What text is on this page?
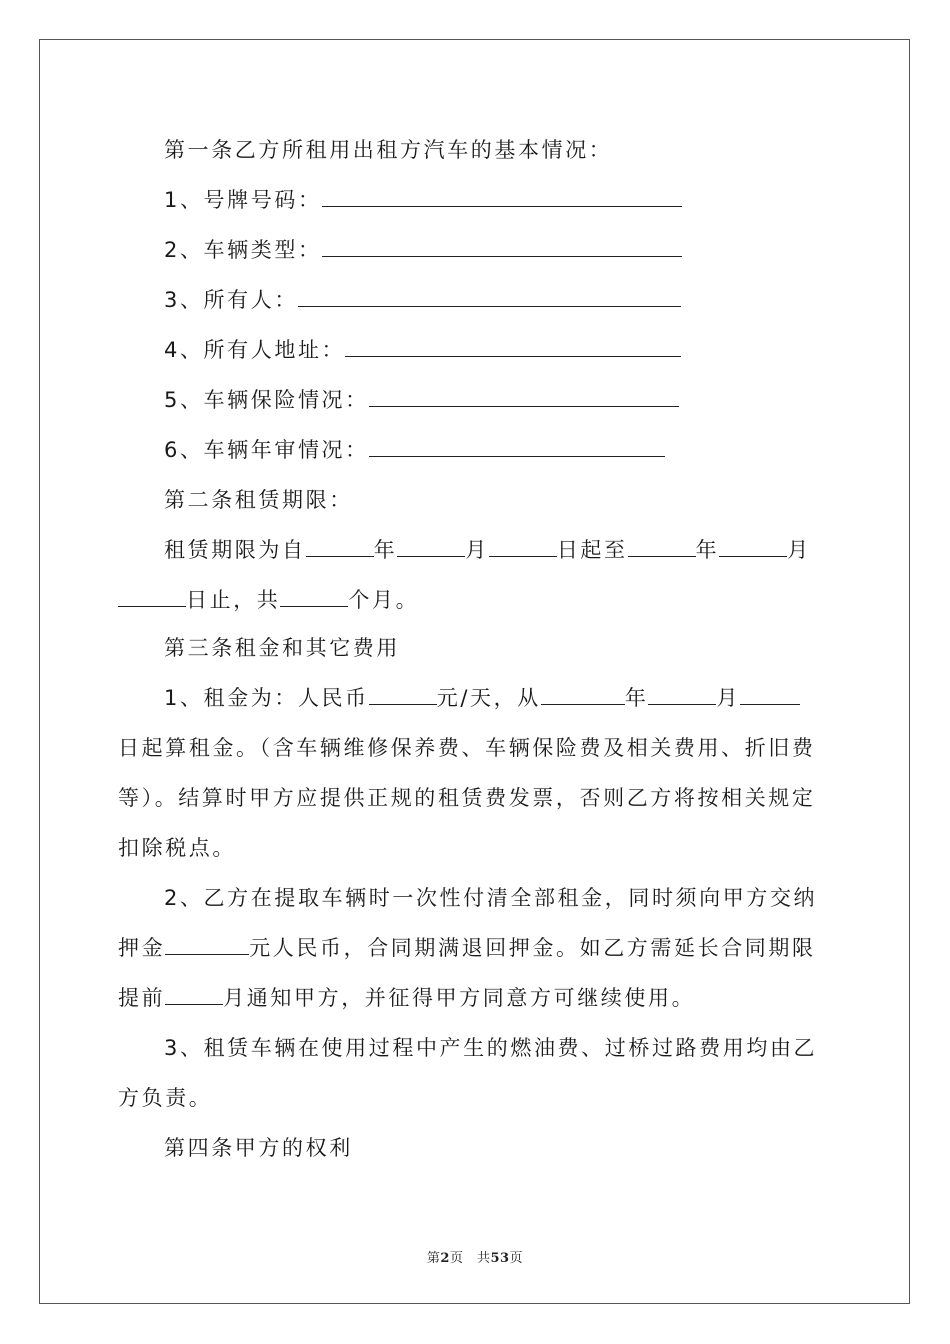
第一条乙方所租用出租方汽车的基本情况：
1、号牌号码：
2、车辆类型：
3、所有人：
4、所有人地址：
5、车辆保险情况：
6、车辆年审情况：
第二条租赁期限：
租赁期限为自	年	月	日起至	年	月
日止，共	个月。
第三条租金和其它费用
1、租金为：人民币	元/天，从	年	月
日起算租金。（含车辆维修保养费、车辆保险费及相关费用、折旧费
等）。结算时甲方应提供正规的租赁费发票，否则乙方将按相关规定
扣除税点。
2、乙方在提取车辆时一次性付清全部租金，同时须向甲方交纳
押金	元人民币，合同期满退回押金。如乙方需延长合同期限
提前	月通知甲方，并征得甲方同意方可继续使用。
3、租赁车辆在使用过程中产生的燃油费、过桥过路费用均由乙
方负责。
第四条甲方的权利
第2页　共53页
